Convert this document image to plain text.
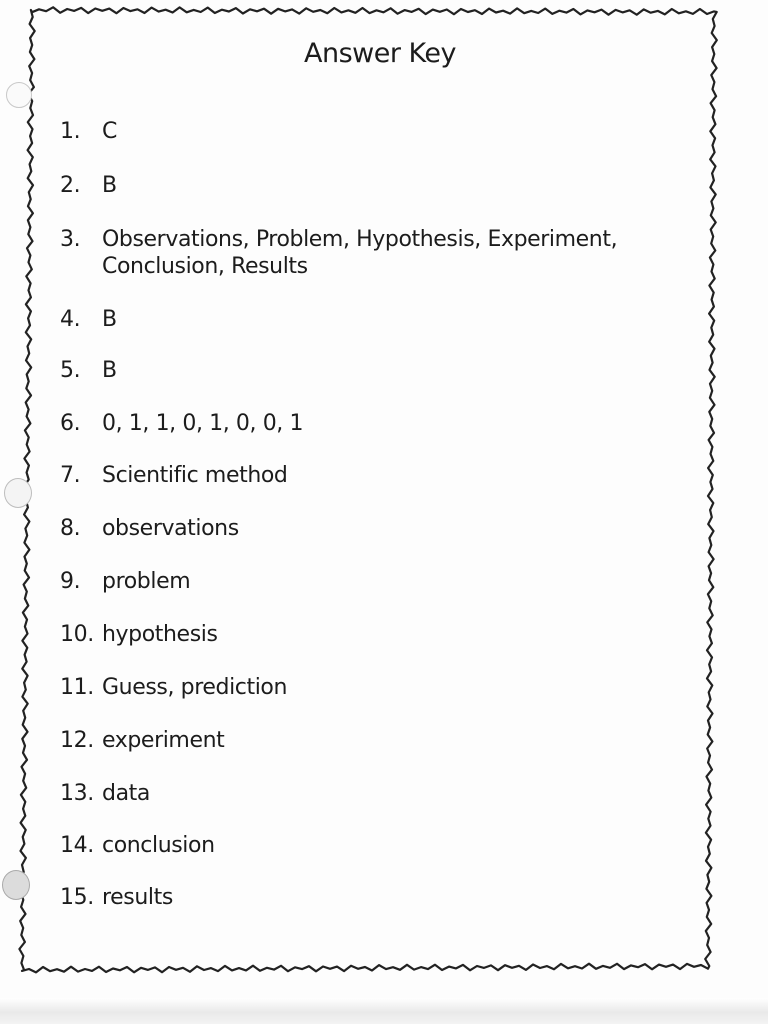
Answer Key
1. C
2. B
3. Observations, Problem, Hypothesis, Experiment, Conclusion, Results
4. B
5. B
6. 0, 1, 1, 0, 1, 0, 0, 1
7. Scientific method
8. observations
9. problem
10. hypothesis
11. Guess, prediction
12. experiment
13. data
14. conclusion
15. results
